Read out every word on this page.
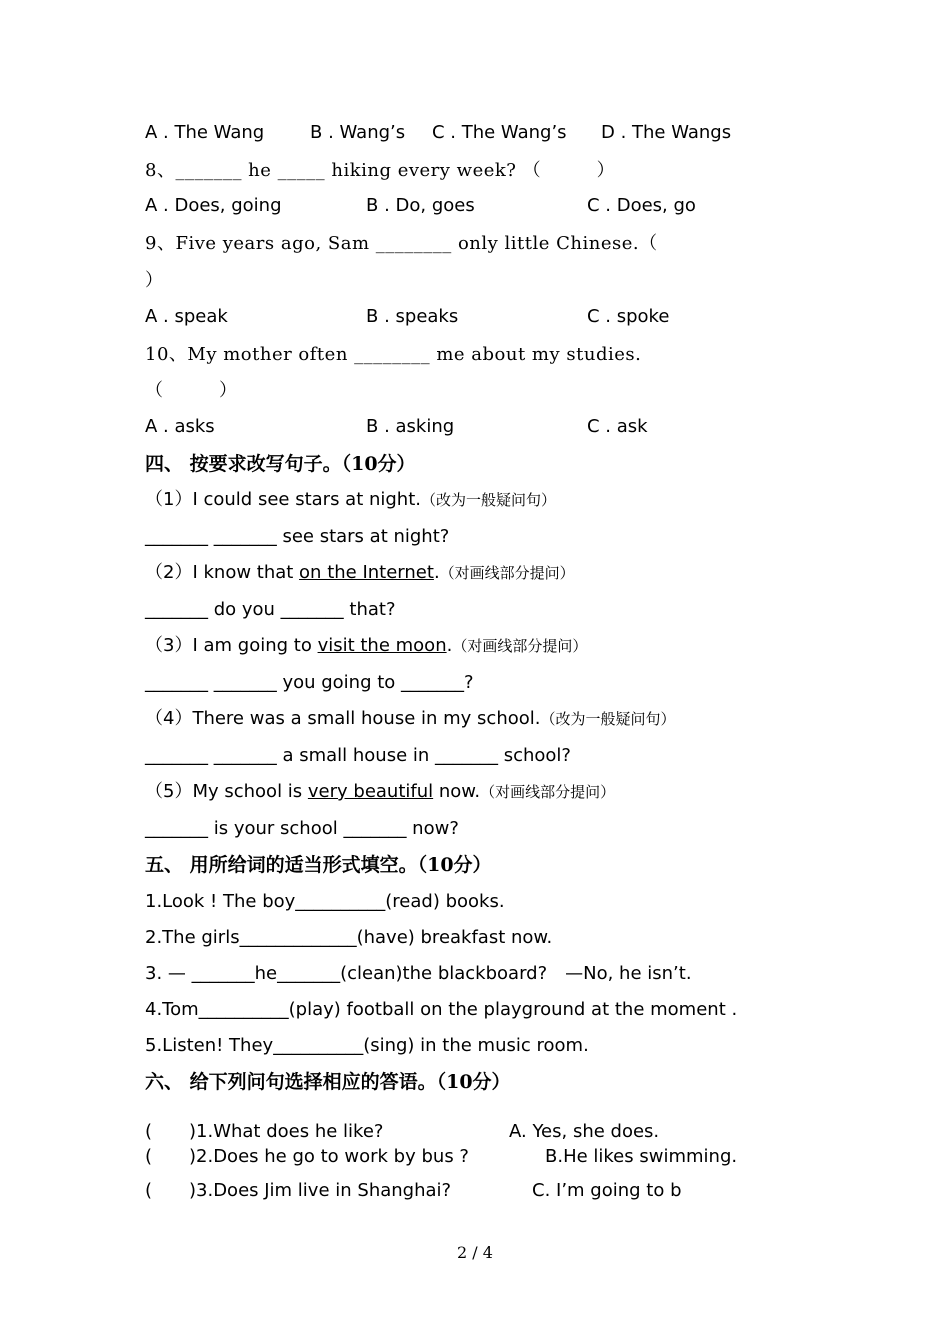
A . The Wang	B . Wang’s C . The Wang’s D . The Wangs
8、_______ he _____ hiking every week? （　　　）
A . Does, going	B . Do, goes	C . Does, go
9、Five years ago, Sam ________ only little Chinese.（
）
A . speak	B . speaks	C . spoke
10、My mother often ________ me about my studies.
（　　　）
A . asks	B . asking	C . ask
四、 按要求改写句子。（10分）
（1）I could see stars at night.（改为一般疑问句）
_______ _______ see stars at night?
（2）I know that on the Internet.（对画线部分提问）
_______ do you _______ that?
（3）I am going to visit the moon.（对画线部分提问）
_______ _______ you going to _______?
（4）There was a small house in my school.（改为一般疑问句）
_______ _______ a small house in _______ school?
（5）My school is very beautiful now.（对画线部分提问）
_______ is your school _______ now?
五、 用所给词的适当形式填空。（10分）
1.Look ! The boy__________(read) books.
2.The girls_____________(have) breakfast now.
3. — _______he_______(clean)the blackboard?　—No, he isn’t.
4.Tom__________(play) football on the playground at the moment .
5.Listen! They__________(sing) in the music room.
六、 给下列问句选择相应的答语。（10分）
( )1.What does he like?	A. Yes, she does.
( )2.Does he go to work by bus ?	B.He likes swimming.
( )3.Does Jim live in Shanghai?	C. I’m going to b
2 / 4
